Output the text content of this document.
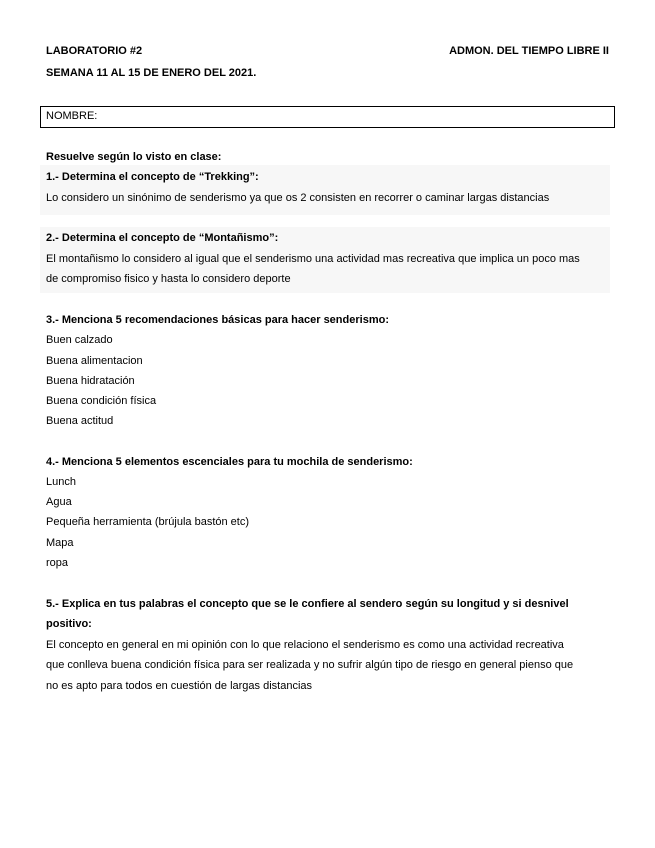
LABORATORIO #2	ADMON. DEL TIEMPO LIBRE II
SEMANA 11 AL 15 DE ENERO DEL 2021.
NOMBRE:
Resuelve según lo visto en clase:
1.- Determina el concepto de “Trekking”:
Lo considero un sinónimo de senderismo ya que os 2 consisten en recorrer o caminar largas distancias
2.- Determina el concepto de “Montañismo”:
El montañismo lo considero al igual que el senderismo una actividad mas recreativa que implica un poco mas
de compromiso fisico y hasta lo considero deporte
3.- Menciona 5 recomendaciones básicas para hacer senderismo:
Buen calzado
Buena alimentacion
Buena hidratación
Buena condición física
Buena actitud
4.- Menciona 5 elementos escenciales para tu mochila de senderismo:
Lunch
Agua
Pequeña herramienta (brújula bastón etc)
Mapa
ropa
5.- Explica en tus palabras el concepto que se le confiere al sendero según su longitud y si desnivel
positivo:
El concepto en general en mi opinión con lo que relaciono el senderismo es como una actividad recreativa
que conlleva buena condición física para ser realizada y no sufrir algún tipo de riesgo en general pienso que
no es apto para todos en cuestión de largas distancias
